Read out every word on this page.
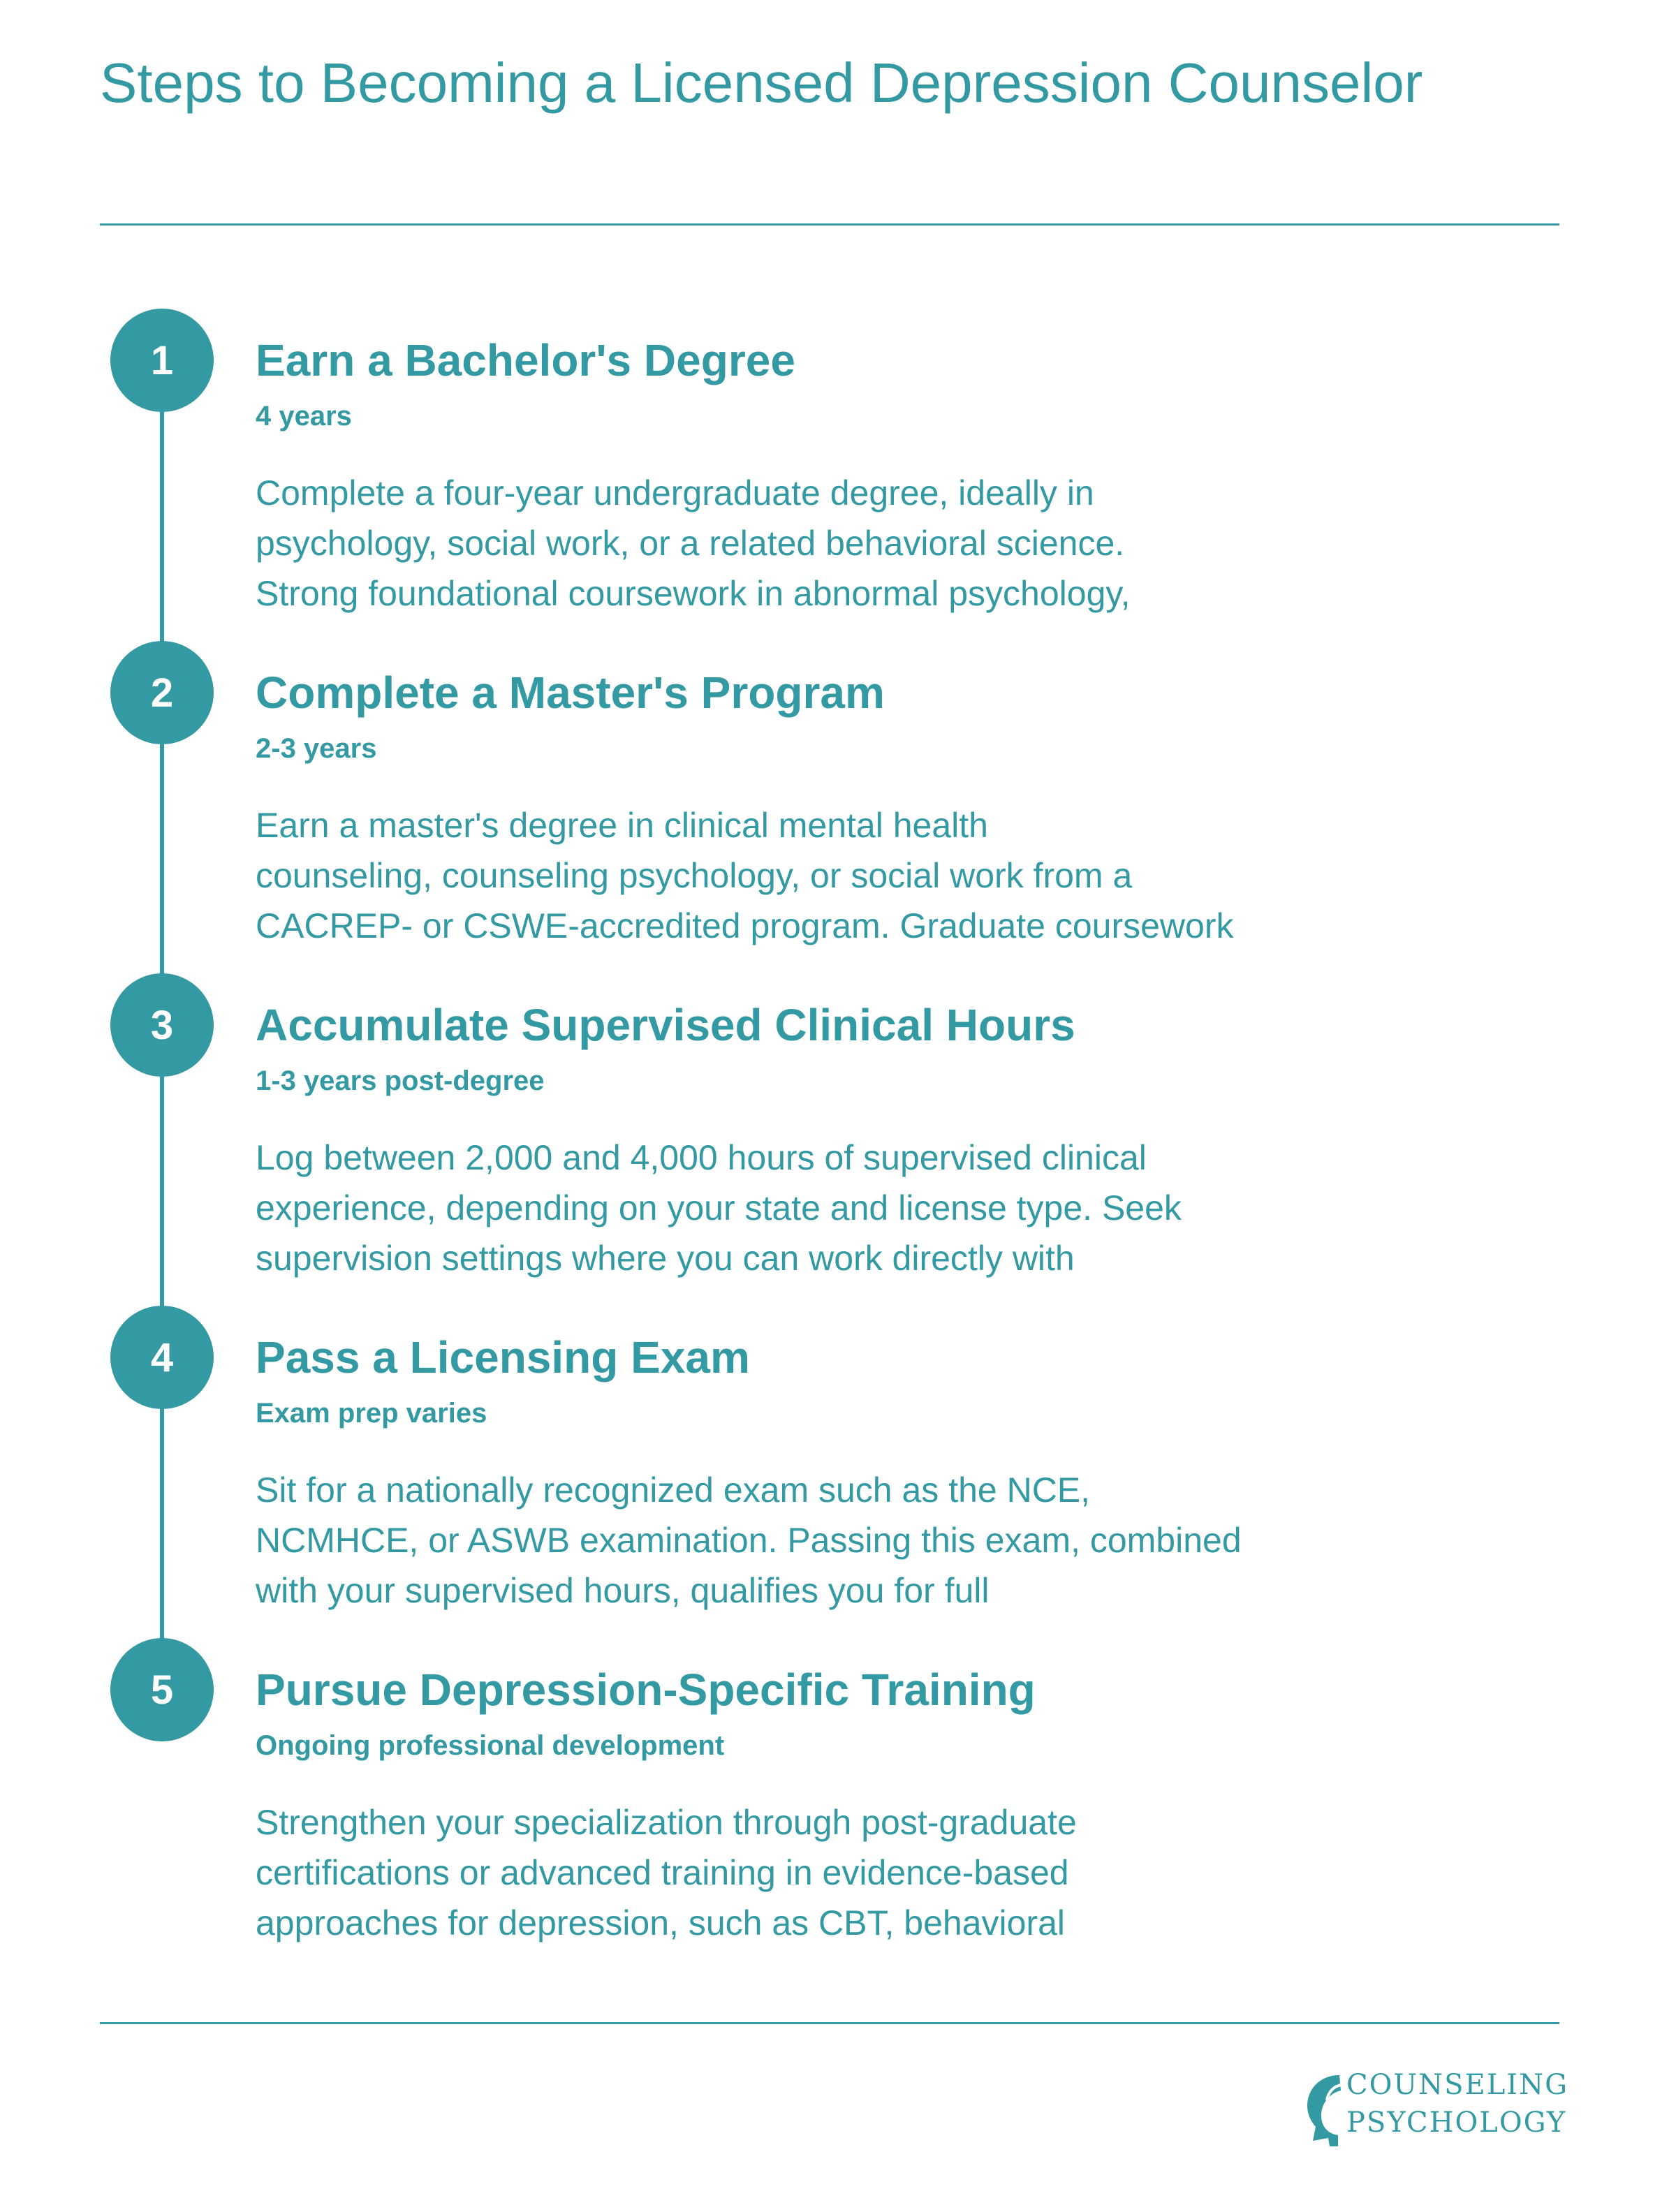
Steps to Becoming a Licensed Depression Counselor
1	Earn a Bachelor's Degree
4 years
Complete a four-year undergraduate degree, ideally in
psychology, social work, or a related behavioral science.
Strong foundational coursework in abnormal psychology,
2	Complete a Master's Program
2-3 years
Earn a master's degree in clinical mental health
counseling, counseling psychology, or social work from a
CACREP- or CSWE-accredited program. Graduate coursework
3	Accumulate Supervised Clinical Hours
1-3 years post-degree
Log between 2,000 and 4,000 hours of supervised clinical
experience, depending on your state and license type. Seek
supervision settings where you can work directly with
4	Pass a Licensing Exam
Exam prep varies
Sit for a nationally recognized exam such as the NCE,
NCMHCE, or ASWB examination. Passing this exam, combined
with your supervised hours, qualifies you for full
5	Pursue Depression-Specific Training
Ongoing professional development
Strengthen your specialization through post-graduate
certifications or advanced training in evidence-based
approaches for depression, such as CBT, behavioral
COUNSELING
PSYCHOLOGY
